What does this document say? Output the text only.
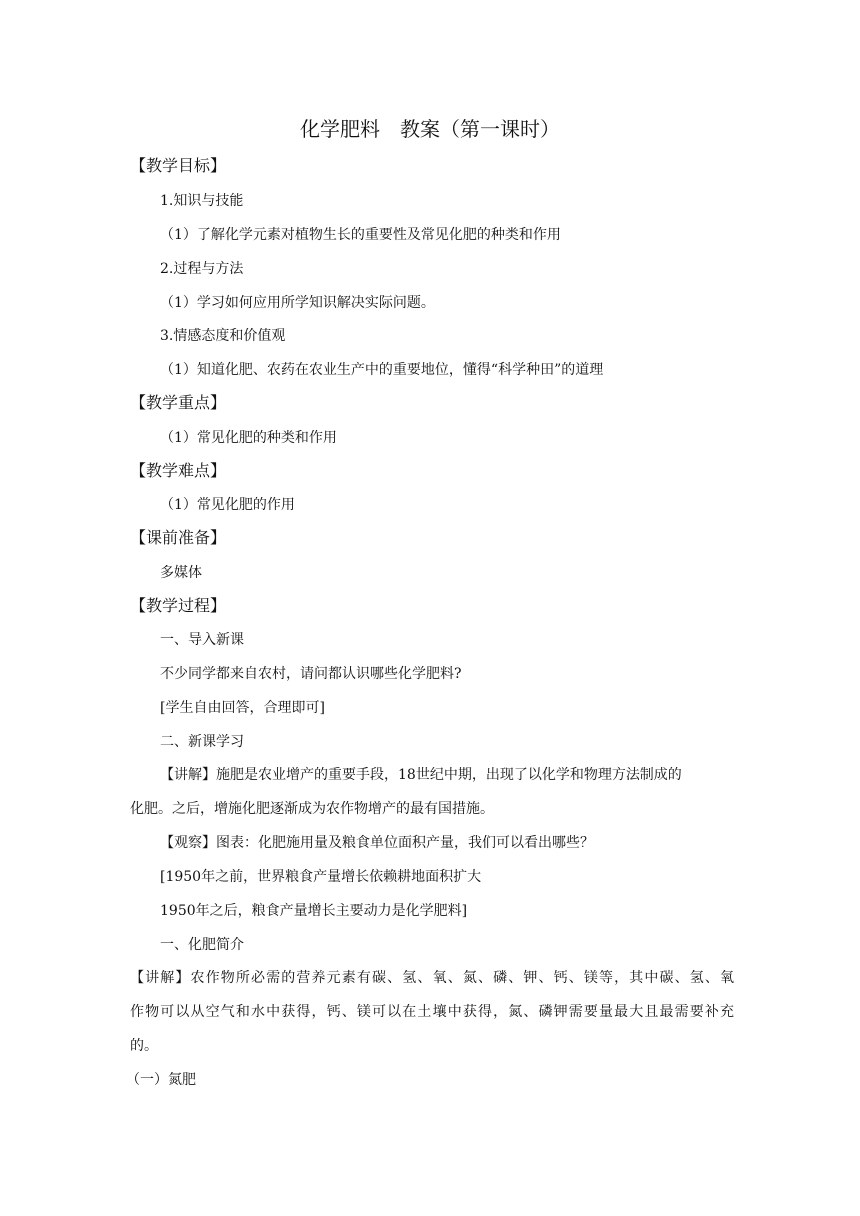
化学肥料　教案（第一课时）
【教学目标】
1.知识与技能
（1）了解化学元素对植物生长的重要性及常见化肥的种类和作用
2.过程与方法
（1）学习如何应用所学知识解决实际问题。
3.情感态度和价值观
（1）知道化肥、农药在农业生产中的重要地位，懂得“科学种田”的道理
【教学重点】
（1）常见化肥的种类和作用
【教学难点】
（1）常见化肥的作用
【课前准备】
多媒体
【教学过程】
一、导入新课
不少同学都来自农村，请问都认识哪些化学肥料?
[学生自由回答，合理即可]
二、新课学习
【讲解】施肥是农业增产的重要手段，18世纪中期，出现了以化学和物理方法制成的
化肥。之后，增施化肥逐渐成为农作物增产的最有国措施。
【观察】图表：化肥施用量及粮食单位面积产量，我们可以看出哪些？
[1950年之前，世界粮食产量增长依赖耕地面积扩大
1950年之后，粮食产量增长主要动力是化学肥料]
一、化肥简介
【讲解】农作物所必需的营养元素有碳、氢、氧、氮、磷、钾、钙、镁等，其中碳、氢、氧
作物可以从空气和水中获得，钙、镁可以在土壤中获得，氮、磷钾需要量最大且最需要补充
的。
（一）氮肥
